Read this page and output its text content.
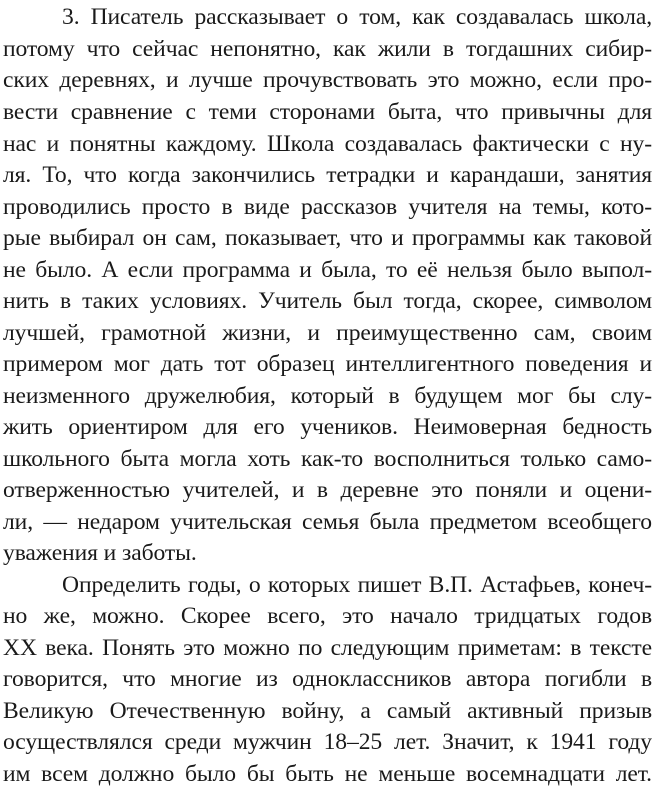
3. Писатель рассказывает о том, как создавалась школа,
потому что сейчас непонятно, как жили в тогдашних сибир-
ских деревнях, и лучше прочувствовать это можно, если про-
вести сравнение с теми сторонами быта, что привычны для
нас и понятны каждому. Школа создавалась фактически с ну-
ля. То, что когда закончились тетрадки и карандаши, занятия
проводились просто в виде рассказов учителя на темы, кото-
рые выбирал он сам, показывает, что и программы как таковой
не было. А если программа и была, то её нельзя было выпол-
нить в таких условиях. Учитель был тогда, скорее, символом
лучшей, грамотной жизни, и преимущественно сам, своим
примером мог дать тот образец интеллигентного поведения и
неизменного дружелюбия, который в будущем мог бы слу-
жить ориентиром для его учеников. Неимоверная бедность
школьного быта могла хоть как-то восполниться только само-
отверженностью учителей, и в деревне это поняли и оцени-
ли, — недаром учительская семья была предметом всеобщего
уважения и заботы.
Определить годы, о которых пишет В.П. Астафьев, конеч-
но же, можно. Скорее всего, это начало тридцатых годов
XX века. Понять это можно по следующим приметам: в тексте
говорится, что многие из одноклассников автора погибли в
Великую Отечественную войну, а самый активный призыв
осуществлялся среди мужчин 18–25 лет. Значит, к 1941 году
им всем должно было бы быть не меньше восемнадцати лет.
